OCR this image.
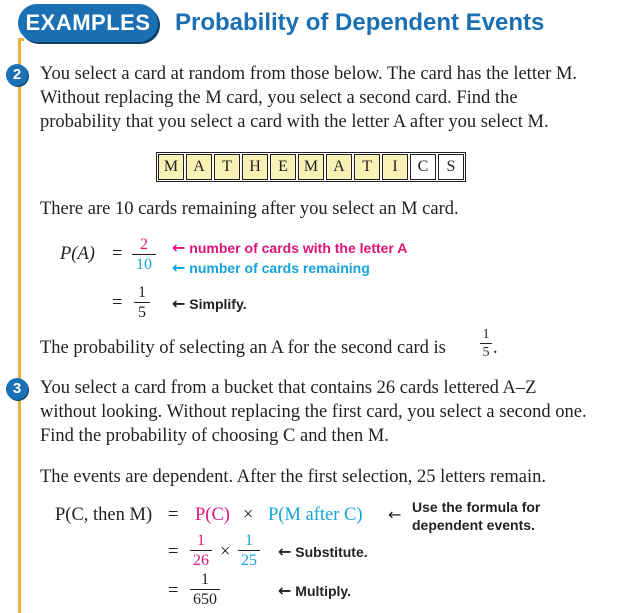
EXAMPLES	Probability of Dependent Events
2	You select a card at random from those below. The card has the letter M.
Without replacing the M card, you select a second card. Find the
probability that you select a card with the letter A after you select M.
M A	T	H	E M A	T	I	C	S
There are 10 cards remaining after you select an M card.
P(A) =	2
10
← number of cards with the letter A
← number of cards remaining
=
1
5 ← Simplify.
The probability of selecting an A for the second card is
1
5 .
3	You select a card from a bucket that contains 26 cards lettered A–Z
without looking. Without replacing the first card, you select a second one.
Find the probability of choosing C and then M.
The events are dependent. After the first selection, 25 letters remain.
P(C, then M) = P(C) × P(M after C) ← Use the formula for
dependent events.
=
1
26 ×
1
25 ← Substitute.
=
1
650	← Multiply.
